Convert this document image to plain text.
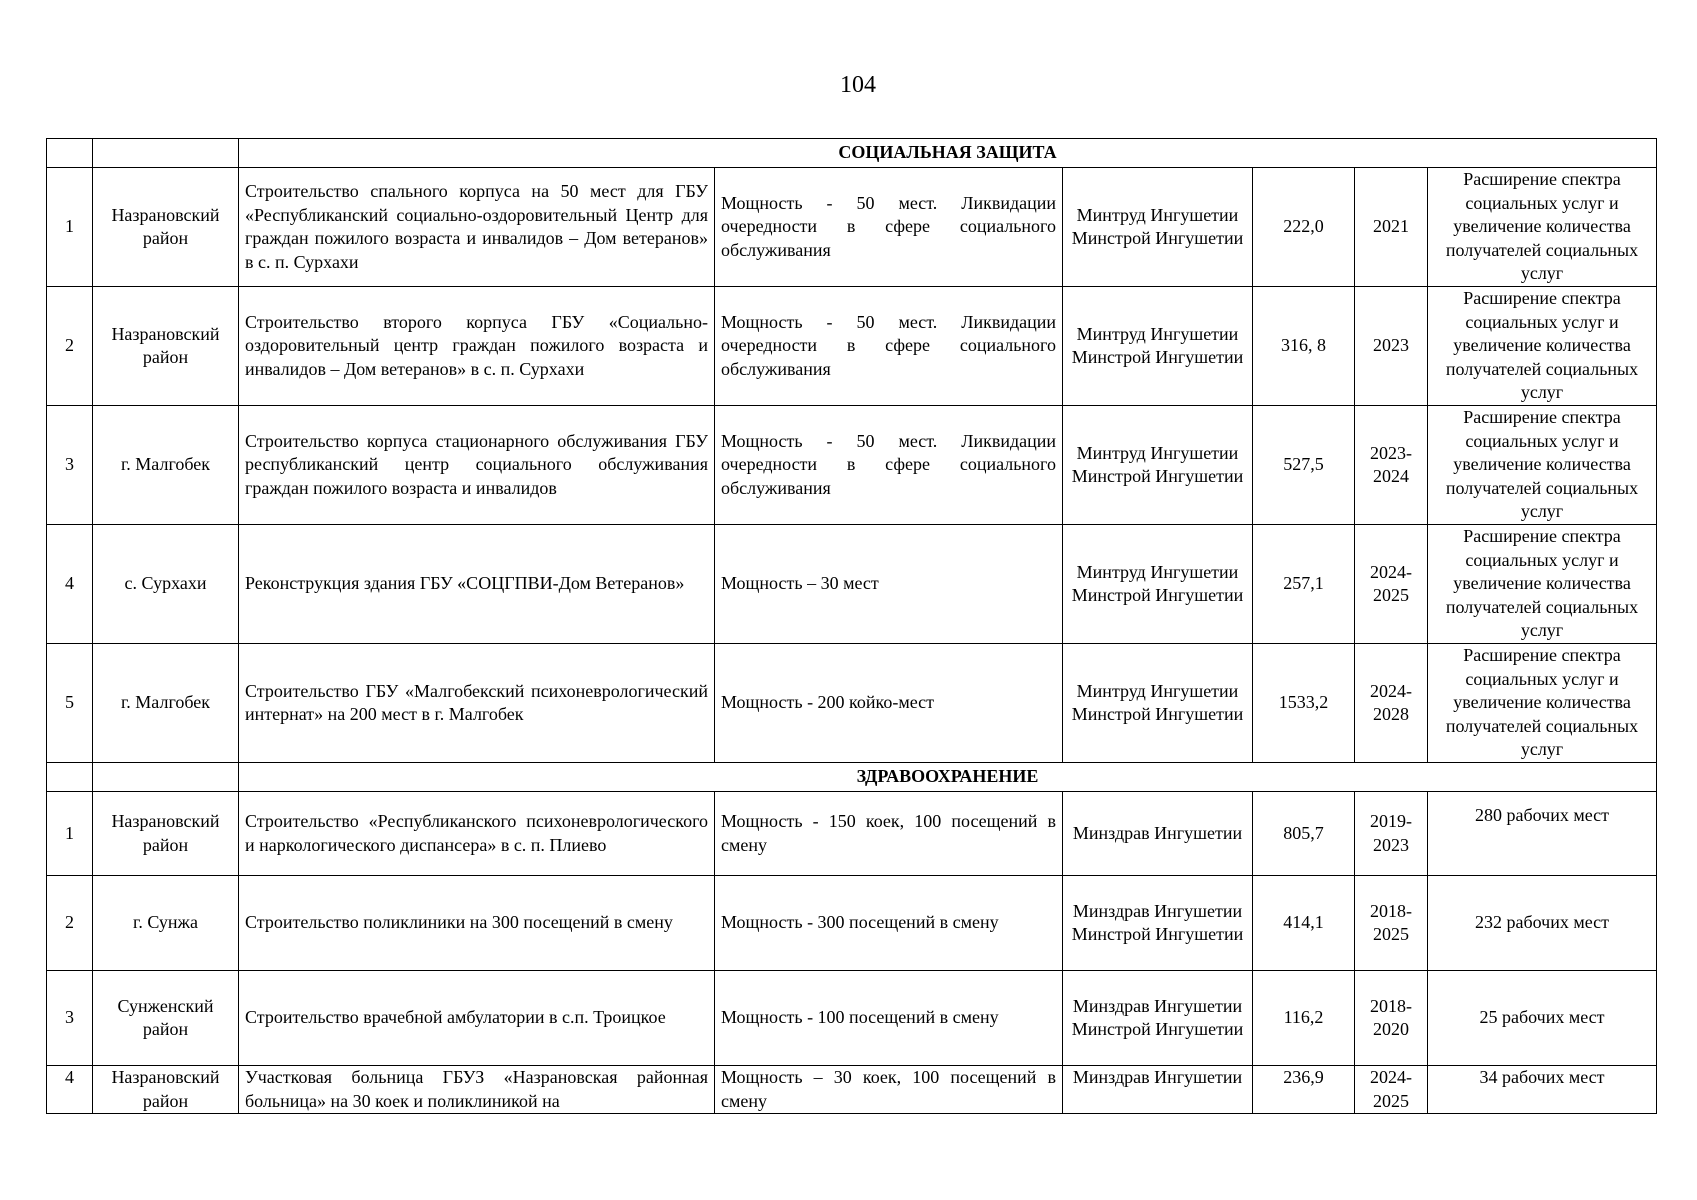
104
		СОЦИАЛЬНАЯ ЗАЩИТА					
1	Назрановский район	Строительство спального корпуса на 50 мест для ГБУ «Республиканский социально-оздоровительный Центр для граждан пожилого возраста и инвалидов – Дом ветеранов» в с. п. Сурхахи	Мощность - 50 мест. Ликвидации очередности в сфере социального обслуживания	Минтруд Ингушетии Минстрой Ингушетии	222,0	2021	Расширение спектра социальных услуг и увеличение количества получателей социальных услуг
2	Назрановский район	Строительство второго корпуса ГБУ «Социально-оздоровительный центр граждан пожилого возраста и инвалидов – Дом ветеранов» в с. п. Сурхахи	Мощность - 50 мест. Ликвидации очередности в сфере социального обслуживания	Минтруд Ингушетии Минстрой Ингушетии	316, 8	2023	Расширение спектра социальных услуг и увеличение количества получателей социальных услуг
3	г. Малгобек	Строительство корпуса стационарного обслуживания ГБУ республиканский центр социального обслуживания граждан пожилого возраста и инвалидов	Мощность - 50 мест. Ликвидации очередности в сфере социального обслуживания	Минтруд Ингушетии Минстрой Ингушетии	527,5	2023-2024	Расширение спектра социальных услуг и увеличение количества получателей социальных услуг
4	с. Сурхахи	Реконструкция здания ГБУ «СОЦГПВИ-Дом Ветеранов»	Мощность – 30 мест	Минтруд Ингушетии Минстрой Ингушетии	257,1	2024-2025	Расширение спектра социальных услуг и увеличение количества получателей социальных услуг
5	г. Малгобек	Строительство ГБУ «Малгобекский психоневрологический интернат» на 200 мест в г. Малгобек	Мощность - 200 койко-мест	Минтруд Ингушетии Минстрой Ингушетии	1533,2	2024-2028	Расширение спектра социальных услуг и увеличение количества получателей социальных услуг
		ЗДРАВООХРАНЕНИЕ					
1	Назрановский район	Строительство «Республиканского психоневрологического и наркологического диспансера» в с. п. Плиево	Мощность - 150 коек, 100 посещений в смену	Минздрав Ингушетии	805,7	2019-2023	280 рабочих мест
2	г. Сунжа	Строительство поликлиники на 300 посещений в смену	Мощность - 300 посещений в смену	Минздрав Ингушетии Минстрой Ингушетии	414,1	2018-2025	232 рабочих мест
3	Сунженский район	Строительство врачебной амбулатории в с.п. Троицкое	Мощность - 100 посещений в смену	Минздрав Ингушетии Минстрой Ингушетии	116,2	2018-2020	25 рабочих мест
4	Назрановский район	Участковая больница ГБУЗ «Назрановская районная больница» на 30 коек и поликлиникой на	Мощность – 30 коек, 100 посещений в смену	Минздрав Ингушетии	236,9	2024-2025	34 рабочих мест
